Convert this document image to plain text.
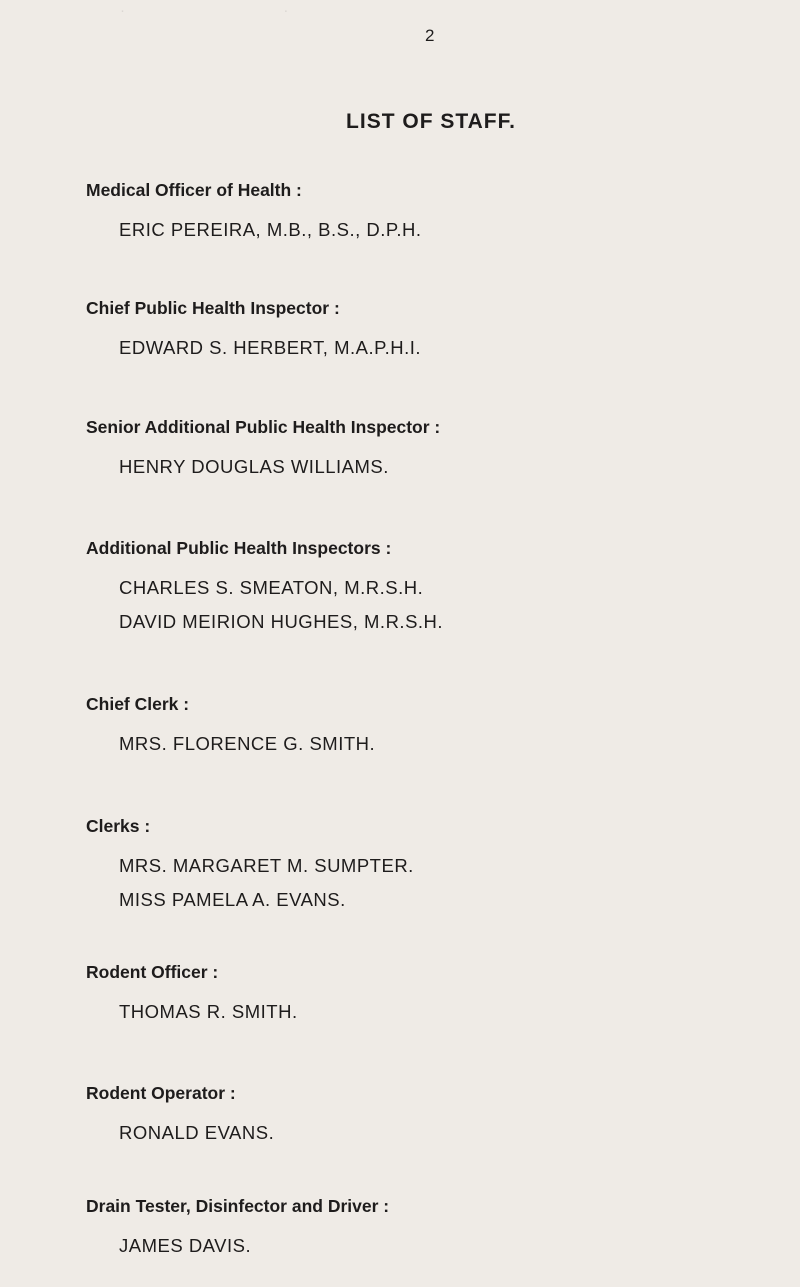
·                                      ·
2
LIST OF STAFF.

Medical Officer of Health :

ERIC PEREIRA, M.B., B.S., D.P.H.

Chief Public Health Inspector :

EDWARD S. HERBERT, M.A.P.H.I.

Senior Additional Public Health Inspector :

HENRY DOUGLAS WILLIAMS.

Additional Public Health Inspectors :

CHARLES S. SMEATON, M.R.S.H.

DAVID MEIRION HUGHES, M.R.S.H.

Chief Clerk :

MRS. FLORENCE G. SMITH.

Clerks :

MRS. MARGARET M. SUMPTER.

MISS PAMELA A. EVANS.

Rodent Officer :

THOMAS R. SMITH.

Rodent Operator :

RONALD EVANS.

Drain Tester, Disinfector and Driver :

JAMES DAVIS.
